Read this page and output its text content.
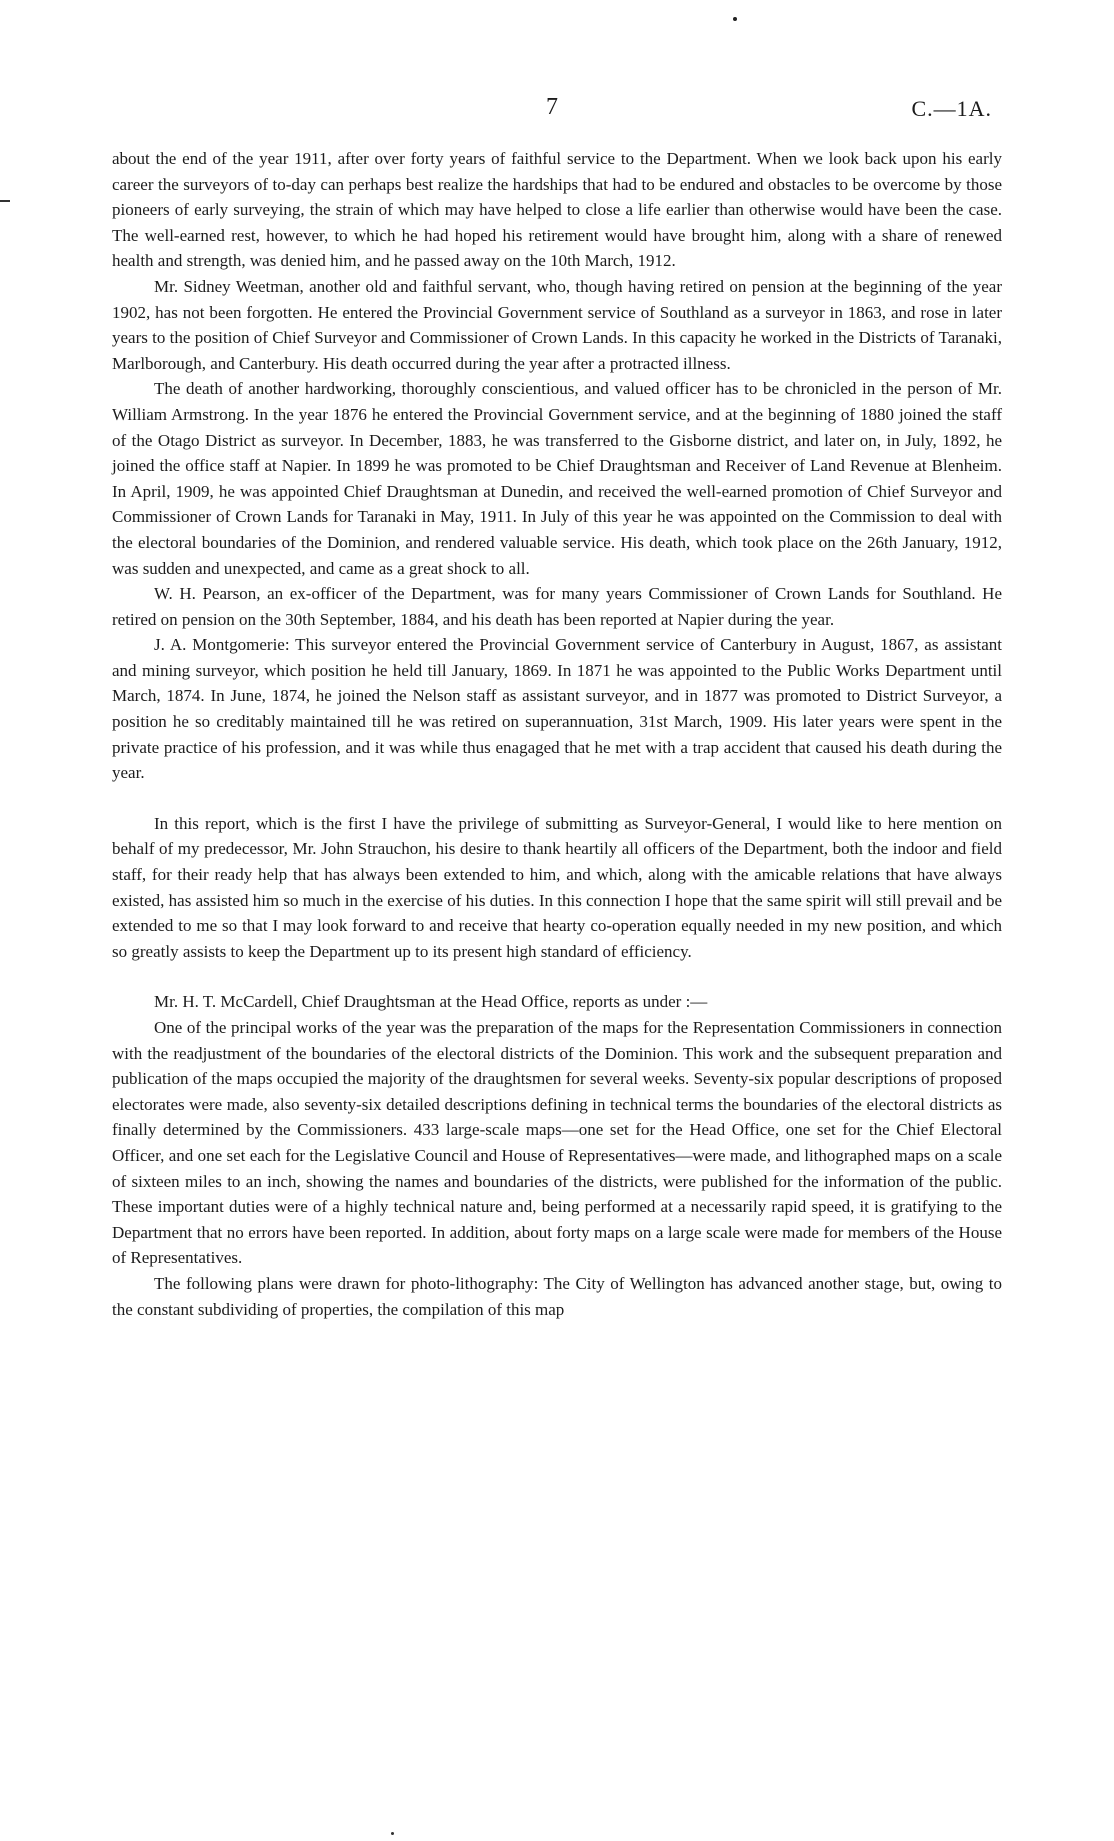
7	C.—1A.

about the end of the year 1911, after over forty years of faithful service to the Department. When we look back upon his early career the surveyors of to-day can perhaps best realize the hardships that had to be endured and obstacles to be overcome by those pioneers of early surveying, the strain of which may have helped to close a life earlier than otherwise would have been the case. The well-earned rest, however, to which he had hoped his retirement would have brought him, along with a share of renewed health and strength, was denied him, and he passed away on the 10th March, 1912.

Mr. Sidney Weetman, another old and faithful servant, who, though having retired on pension at the beginning of the year 1902, has not been forgotten. He entered the Provincial Government service of Southland as a surveyor in 1863, and rose in later years to the position of Chief Surveyor and Commissioner of Crown Lands. In this capacity he worked in the Districts of Taranaki, Marlborough, and Canterbury. His death occurred during the year after a protracted illness.

The death of another hardworking, thoroughly conscientious, and valued officer has to be chronicled in the person of Mr. William Armstrong. In the year 1876 he entered the Provincial Government service, and at the beginning of 1880 joined the staff of the Otago District as surveyor. In December, 1883, he was transferred to the Gisborne district, and later on, in July, 1892, he joined the office staff at Napier. In 1899 he was promoted to be Chief Draughtsman and Receiver of Land Revenue at Blenheim. In April, 1909, he was appointed Chief Draughtsman at Dunedin, and received the well-earned promotion of Chief Surveyor and Commissioner of Crown Lands for Taranaki in May, 1911. In July of this year he was appointed on the Commission to deal with the electoral boundaries of the Dominion, and rendered valuable service. His death, which took place on the 26th January, 1912, was sudden and unexpected, and came as a great shock to all.

W. H. Pearson, an ex-officer of the Department, was for many years Commissioner of Crown Lands for Southland. He retired on pension on the 30th September, 1884, and his death has been reported at Napier during the year.

J. A. Montgomerie: This surveyor entered the Provincial Government service of Canterbury in August, 1867, as assistant and mining surveyor, which position he held till January, 1869. In 1871 he was appointed to the Public Works Department until March, 1874. In June, 1874, he joined the Nelson staff as assistant surveyor, and in 1877 was promoted to District Surveyor, a position he so creditably maintained till he was retired on superannuation, 31st March, 1909. His later years were spent in the private practice of his profession, and it was while thus enagaged that he met with a trap accident that caused his death during the year.

In this report, which is the first I have the privilege of submitting as Surveyor-General, I would like to here mention on behalf of my predecessor, Mr. John Strauchon, his desire to thank heartily all officers of the Department, both the indoor and field staff, for their ready help that has always been extended to him, and which, along with the amicable relations that have always existed, has assisted him so much in the exercise of his duties. In this connection I hope that the same spirit will still prevail and be extended to me so that I may look forward to and receive that hearty co-operation equally needed in my new position, and which so greatly assists to keep the Department up to its present high standard of efficiency.

Mr. H. T. McCardell, Chief Draughtsman at the Head Office, reports as under :—

One of the principal works of the year was the preparation of the maps for the Representation Commissioners in connection with the readjustment of the boundaries of the electoral districts of the Dominion. This work and the subsequent preparation and publication of the maps occupied the majority of the draughtsmen for several weeks. Seventy-six popular descriptions of proposed electorates were made, also seventy-six detailed descriptions defining in technical terms the boundaries of the electoral districts as finally determined by the Commissioners. 433 large-scale maps—one set for the Head Office, one set for the Chief Electoral Officer, and one set each for the Legislative Council and House of Representatives—were made, and lithographed maps on a scale of sixteen miles to an inch, showing the names and boundaries of the districts, were published for the information of the public. These important duties were of a highly technical nature and, being performed at a necessarily rapid speed, it is gratifying to the Department that no errors have been reported. In addition, about forty maps on a large scale were made for members of the House of Representatives.

The following plans were drawn for photo-lithography: The City of Wellington has advanced another stage, but, owing to the constant subdividing of properties, the compilation of this map
